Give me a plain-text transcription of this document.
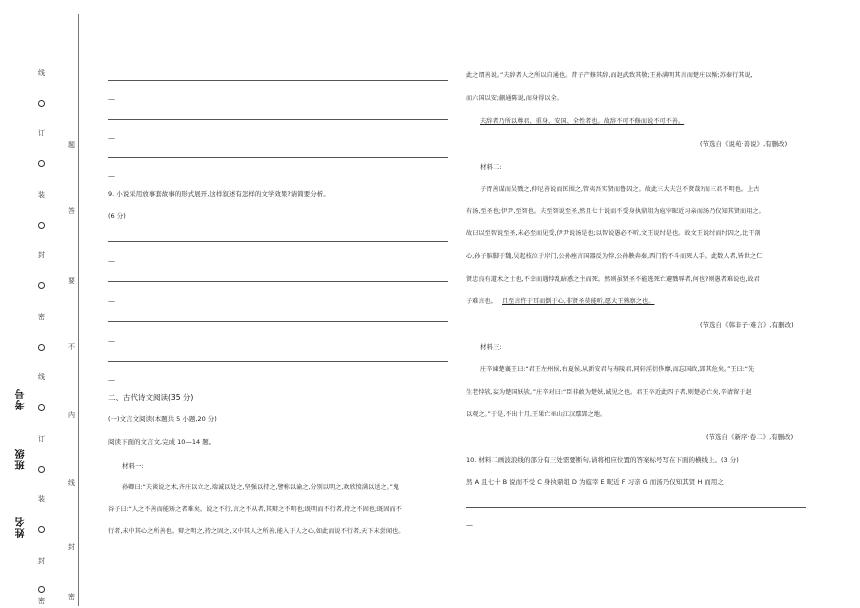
线
订
装
封
密
线
订
装
封
密
考号
班级
姓名
题
答
要
不
内
线
封
密
—
—
—
9. 小说采用放事套故事的形式展开,这样叙述有怎样的文学效果?请简要分析。
(6 分)
—
—
—
—
二、古代诗文阅读(35 分)
(一)文言文阅读(本题共 5 小题,20 分)
阅读下面的文言文,完成 10—14 题。
材料一:
孙卿曰:“夫谈说之术,齐庄以立之,端诚以处之,坚强以持之,譬称以谕之,分别以明之,欢欣愤满以送之。”鬼
谷子曰:“人之不善而能矫之者难矣。说之不行,言之不从者,其辩之不明也;既明而不行者,持之不固也;既固而不
行者,未中其心之所善也。辩之明之,持之固之,又中其人之所善,能入于人之心,如此而说不行者,天下未尝闻也。
此之谓善说。”夫辞者人之所以自通也。昔子产修其辞,而赵武致其敬;王孙满明其言而楚庄以惭;苏秦行其说,
而六国以安;蒯通陈说,而身得以全。
夫辞者乃所以尊君、重身、安国、全性者也。故辞不可不修而说不可不善。
(节选自《说苑·善说》,有删改)
材料二:
子胥善谋而吴戮之,仲尼善说而匡围之,管夷吾实贤而鲁囚之。故此三大夫岂不贤哉?而三君不明也。上古
有汤,至圣也;伊尹,至智也。夫至智说至圣,然且七十说而不受身执鼎俎为庖宰昵近习亲而汤乃仅知其贤而用之。
故曰以至智说至圣,未必至而见受,伊尹说汤是也;以智说愚必不听,文王说纣是也。故文王说纣而纣囚之,比干剖
心,孙子膑脚于魏,吴起枝泣于岸门,公孙痤言国器反为悖,公孙鞅奔秦,西门豹不斗而死人手。此数人者,皆世之仁
贤忠良有道术之士也,不幸而遇悖乱暗惑之主而死。然则虽贤圣不能逃死亡避戮辱者,何也?则愚者难说也,故君
子难言也。 且至言忤于耳而倒于心,非贤圣莫能听,愿大王熟察之也。
(节选自《韩非子·难言》,有删改)
材料三:
庄辛谏楚襄王曰:“君王左州侯,右夏侯,从新安君与寿陵君,同轩淫衍侈靡,而忘国政,郢其危矣。”王曰:“先
生老悖欤,妄为楚国妖欤。”庄辛对曰:“臣非敢为楚妖,诚见之也。君王卒近此四子者,则楚必亡矣,辛请留于赵
以观之。”于是,不出十月,王果亡巫山江汉鄢郢之地。
(节选自《新序·卷二》,有删改)
10. 材料二画波浪线的部分有三处需要断句,请将相应位置的答案标号写在下面的横线上。(3 分)
然 A 且七十 B 说而不受 C 身执鼎俎 D 为庖宰 E 昵近 F 习亲 G 而汤乃仅知其贤 H 而用之
—
